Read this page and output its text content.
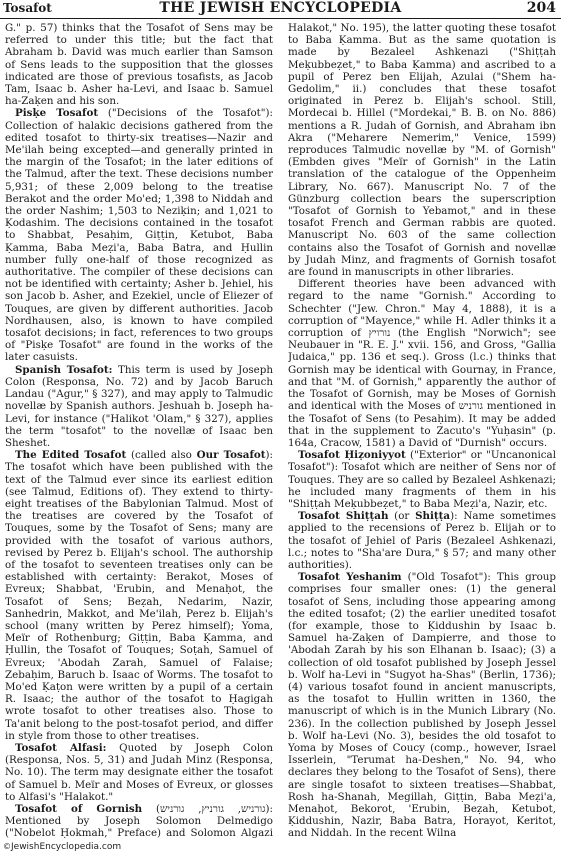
Tosafot	THE JEWISH ENCYCLOPEDIA	204

G." p. 57) thinks that the Tosafot of Sens may be referred to under this title; but the fact that Abraham b. David was much earlier than Samson of Sens leads to the supposition that the glosses indicated are those of previous tosafists, as Jacob Tam, Isaac b. Asher ha-Levi, and Isaac b. Samuel ha-Zaḳen and his son.

Pisḳe Tosafot ("Decisions of the Tosafot"): Collection of halakic decisions gathered from the edited tosafot to thirty-six treatises—Nazir and Me'ilah being excepted—and generally printed in the margin of the Tosafot; in the later editions of the Talmud, after the text. These decisions number 5,931; of these 2,009 belong to the treatise Berakot and the order Mo'ed; 1,398 to Niddah and the order Nashim; 1,503 to Neziḳin; and 1,021 to Ḳodashim. The decisions contained in the tosafot to Shabbat, Pesaḥim, Giṭṭin, Ketubot, Baba Ḳamma, Baba Meẓi'a, Baba Batra, and Ḥullin number fully one-half of those recognized as authoritative. The compiler of these decisions can not be identified with certainty; Asher b. Jehiel, his son Jacob b. Asher, and Ezekiel, uncle of Eliezer of Touques, are given by different authorities. Jacob Nordhausen, also, is known to have compiled tosafot decisions; in fact, references to two groups of "Pisḳe Tosafot" are found in the works of the later casuists.

Spanish Tosafot: This term is used by Joseph Colon (Responsa, No. 72) and by Jacob Baruch Landau ("Agur," § 327), and may apply to Talmudic novellæ by Spanish authors. Jeshuah b. Joseph ha-Levi, for instance ("Halikot 'Olam," § 327), applies the term "tosafot" to the novellæ of Isaac ben Sheshet.

The Edited Tosafot (called also Our Tosafot): The tosafot which have been published with the text of the Talmud ever since its earliest edition (see Talmud, Editions of). They extend to thirty-eight treatises of the Babylonian Talmud. Most of the treatises are covered by the Tosafot of Touques, some by the Tosafot of Sens; many are provided with the tosafot of various authors, revised by Perez b. Elijah's school. The authorship of the tosafot to seventeen treatises only can be established with certainty: Berakot, Moses of Evreux; Shabbat, 'Erubin, and Menaḥot, the Tosafot of Sens; Beẓah, Nedarim, Nazir, Sanhedrin, Makkot, and Me'ilah, Perez b. Elijah's school (many written by Perez himself); Yoma, Meïr of Rothenburg; Giṭṭin, Baba Ḳamma, and Ḥullin, the Tosafot of Touques; Soṭah, Samuel of Evreux; 'Abodah Zarah, Samuel of Falaise; Zebaḥim, Baruch b. Isaac of Worms. The tosafot to Mo'ed Ḳaṭon were written by a pupil of a certain R. Isaac; the author of the tosafot to Ḥagigah wrote tosafot to other treatises also. Those to Ta'anit belong to the post-tosafot period, and differ in style from those to other treatises.

Tosafot Alfasi: Quoted by Joseph Colon (Responsa, Nos. 5, 31) and Judah Minz (Responsa, No. 10). The term may designate either the tosafot of Samuel b. Meïr and Moses of Evreux, or glosses to Alfasi's "Halakot."

Tosafot of Gornish (גורניש, גורניץ, גורניש): Mentioned by Joseph Solomon Delmedigo ("Nobelot Ḥokmah," Preface) and Solomon Algazi

Halakot," No. 195), the latter quoting these tosafot to Baba Ḳamma. But as the same quotation is made by Bezaleel Ashkenazi ("Shiṭṭah Meḳubbeẓet," to Baba Ḳamma) and ascribed to a pupil of Perez ben Elijah, Azulai ("Shem ha-Gedolim," ii.) concludes that these tosafot originated in Perez b. Elijah's school. Still, Mordecai b. Hillel ("Mordekai," B. B. on No. 886) mentions a R. Judah of Gornish, and Abraham ibn Akra ("Meharere Nemerim," Venice, 1599) reproduces Talmudic novellæ by "M. of Gornish" (Embden gives "Meïr of Gornish" in the Latin translation of the catalogue of the Oppenheim Library, No. 667). Manuscript No. 7 of the Günzburg collection bears the superscription "Tosafot of Gornish to Yebamot," and in these tosafot French and German rabbis are quoted. Manuscript No. 603 of the same collection contains also the Tosafot of Gornish and novellæ by Judah Minz, and fragments of Gornish tosafot are found in manuscripts in other libraries.

Different theories have been advanced with regard to the name "Gornish." According to Schechter ("Jew. Chron." May 4, 1888), it is a corruption of "Mayence," while H. Adler thinks it a corruption of נורויץ (the English "Norwich"; see Neubauer in "R. E. J." xvii. 156, and Gross, "Gallia Judaica," pp. 136 et seq.). Gross (l.c.) thinks that Gornish may be identical with Gournay, in France, and that "M. of Gornish," apparently the author of the Tosafot of Gornish, may be Moses of Gornish and identical with the Moses of גורניש mentioned in the Tosafot of Sens (to Pesaḥim). It may be added that in the supplement to Zacuto's "Yuḥasin" (p. 164a, Cracow, 1581) a David of "Durnish" occurs.

Tosafot Ḥiẓoniyyot ("Exterior" or "Uncanonical Tosafot"): Tosafot which are neither of Sens nor of Touques. They are so called by Bezaleel Ashkenazi; he included many fragments of them in his "Shiṭṭah Meḳubbeẓet," to Baba Meẓi'a, Nazir, etc.

Tosafot Shiṭṭah (or Shiṭṭa): Name sometimes applied to the recensions of Perez b. Elijah or to the tosafot of Jehiel of Paris (Bezaleel Ashkenazi, l.c.; notes to "Sha'are Dura," § 57; and many other authorities).

Tosafot Yeshanim ("Old Tosafot"): This group comprises four smaller ones: (1) the general tosafot of Sens, including those appearing among the edited tosafot; (2) the earlier unedited tosafot (for example, those to Ḳiddushin by Isaac b. Samuel ha-Zaḳen of Dampierre, and those to 'Abodah Zarah by his son Elhanan b. Isaac); (3) a collection of old tosafot published by Joseph Jessel b. Wolf ha-Levi in "Sugyot ha-Shas" (Berlin, 1736); (4) various tosafot found in ancient manuscripts, as the tosafot to Ḥullin written in 1360, the manuscript of which is in the Munich Library (No. 236). In the collection published by Joseph Jessel b. Wolf ha-Levi (No. 3), besides the old tosafot to Yoma by Moses of Coucy (comp., however, Israel Isserlein, "Terumat ha-Deshen," No. 94, who declares they belong to the Tosafot of Sens), there are single tosafot to sixteen treatises—Shabbat, Rosh ha-Shanah, Megillah, Giṭṭin, Baba Meẓi'a, Menaḥot, Bekorot, 'Erubin, Beẓah, Ketubot, Ḳiddushin, Nazir, Baba Batra, Horayot, Keritot, and Niddah. In the recent Wilna

©JewishEncyclopedia.com
